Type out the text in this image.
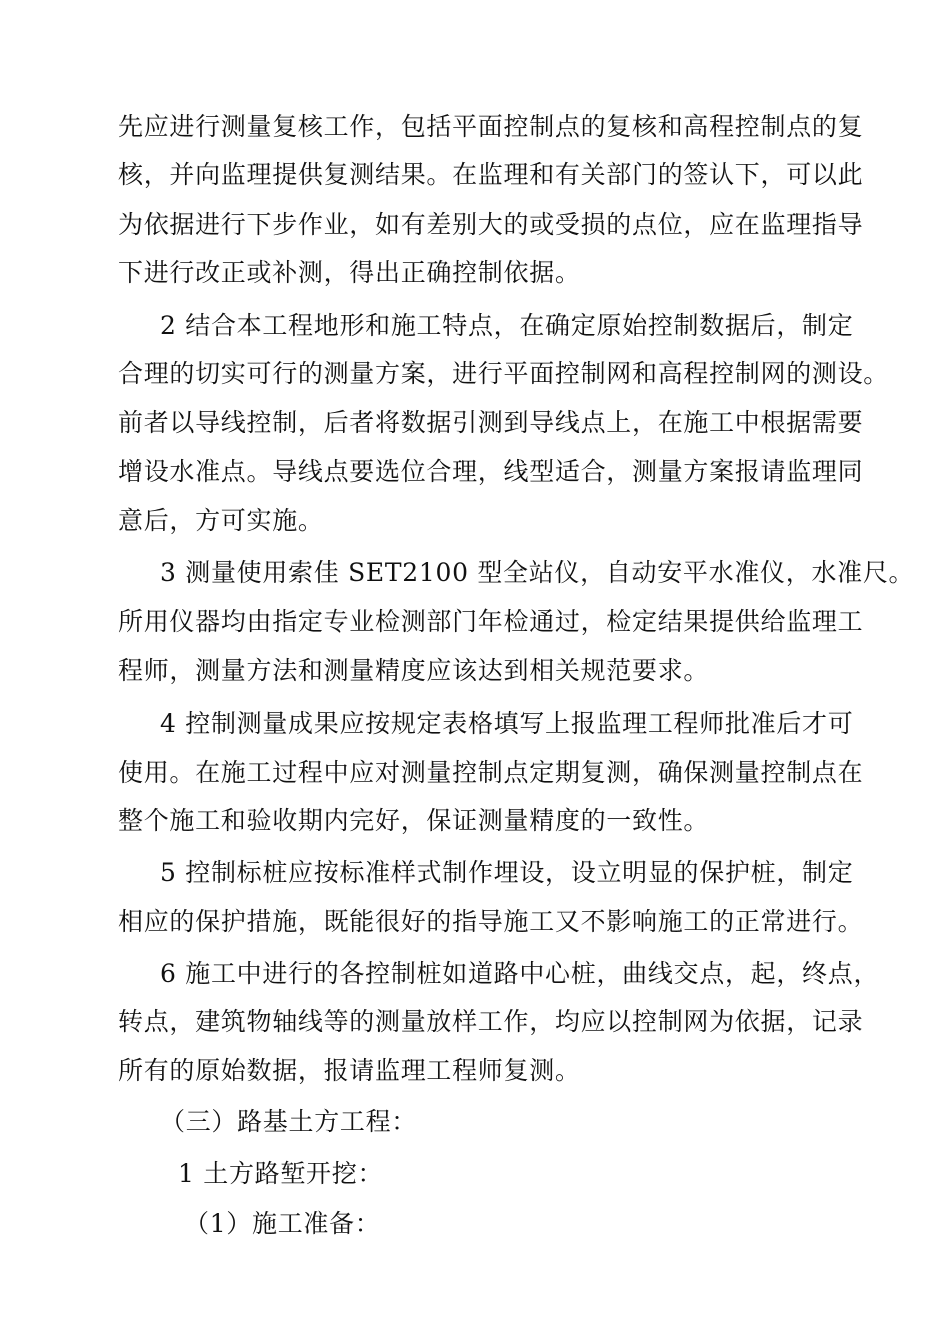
先应进行测量复核工作，包括平面控制点的复核和高程控制点的复
核，并向监理提供复测结果。在监理和有关部门的签认下，可以此
为依据进行下步作业，如有差别大的或受损的点位，应在监理指导
下进行改正或补测，得出正确控制依据。
2 结合本工程地形和施工特点，在确定原始控制数据后，制定
合理的切实可行的测量方案，进行平面控制网和高程控制网的测设。
前者以导线控制，后者将数据引测到导线点上，在施工中根据需要
增设水准点。导线点要选位合理，线型适合，测量方案报请监理同
意后，方可实施。
3 测量使用索佳 SET2100 型全站仪，自动安平水准仪，水准尺。
所用仪器均由指定专业检测部门年检通过，检定结果提供给监理工
程师，测量方法和测量精度应该达到相关规范要求。
4 控制测量成果应按规定表格填写上报监理工程师批准后才可
使用。在施工过程中应对测量控制点定期复测，确保测量控制点在
整个施工和验收期内完好，保证测量精度的一致性。
5 控制标桩应按标准样式制作埋设，设立明显的保护桩，制定
相应的保护措施，既能很好的指导施工又不影响施工的正常进行。
6 施工中进行的各控制桩如道路中心桩，曲线交点，起，终点，
转点，建筑物轴线等的测量放样工作，均应以控制网为依据，记录
所有的原始数据，报请监理工程师复测。
（三）路基土方工程：
1 土方路堑开挖：
（1）施工准备：
